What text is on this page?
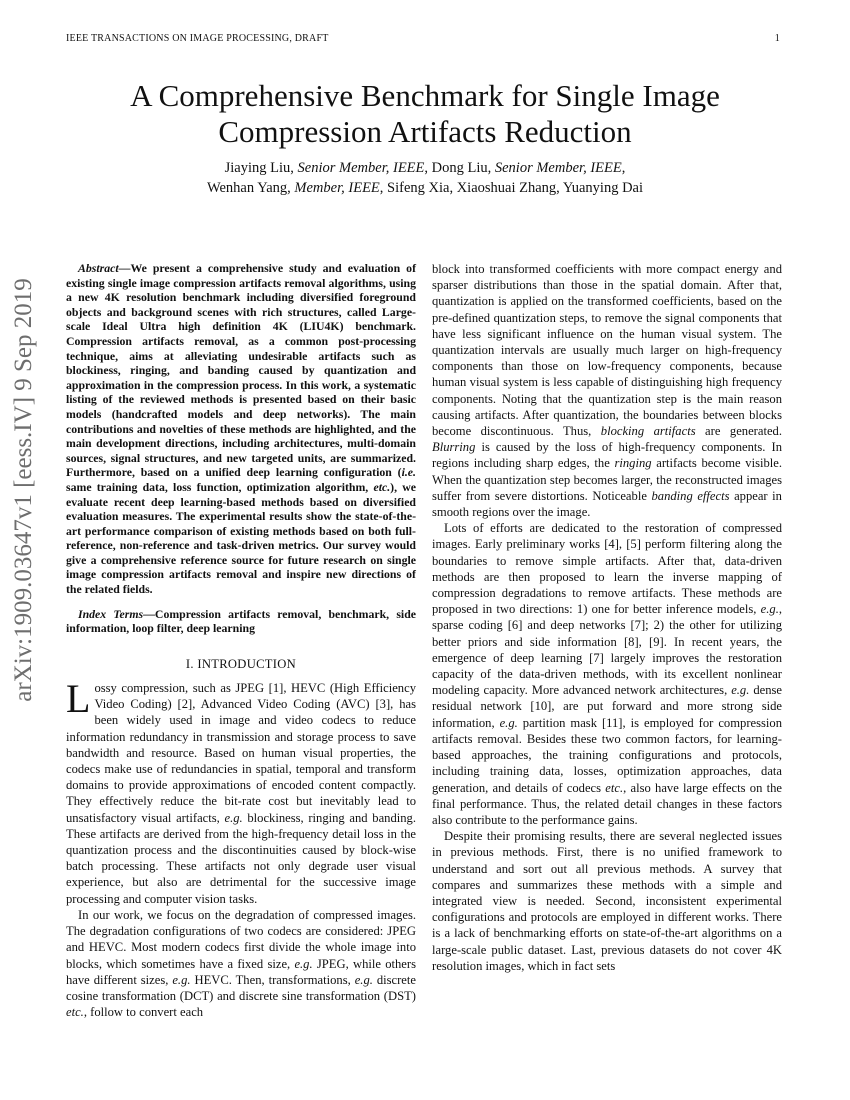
IEEE TRANSACTIONS ON IMAGE PROCESSING, DRAFT	1
A Comprehensive Benchmark for Single Image
Compression Artifacts Reduction
Jiaying Liu, Senior Member, IEEE, Dong Liu, Senior Member, IEEE,
Wenhan Yang, Member, IEEE, Sifeng Xia, Xiaoshuai Zhang, Yuanying Dai
arXiv:1909.03647v1 [eess.IV] 9 Sep 2019

Abstract—We present a comprehensive study and evaluation of existing single image compression artifacts removal algorithms, using a new 4K resolution benchmark including diversified foreground objects and background scenes with rich structures, called Large-scale Ideal Ultra high definition 4K (LIU4K) benchmark. Compression artifacts removal, as a common post-processing technique, aims at alleviating undesirable artifacts such as blockiness, ringing, and banding caused by quantization and approximation in the compression process. In this work, a systematic listing of the reviewed methods is presented based on their basic models (handcrafted models and deep networks). The main contributions and novelties of these methods are highlighted, and the main development directions, including architectures, multi-domain sources, signal structures, and new targeted units, are summarized. Furthermore, based on a unified deep learning configuration (i.e. same training data, loss function, optimization algorithm, etc.), we evaluate recent deep learning-based methods based on diversified evaluation measures. The experimental results show the state-of-the-art performance comparison of existing methods based on both full-reference, non-reference and task-driven metrics. Our survey would give a comprehensive reference source for future research on single image compression artifacts removal and inspire new directions of the related fields.

Index Terms—Compression artifacts removal, benchmark, side information, loop filter, deep learning

I. INTRODUCTION

Lossy compression, such as JPEG [1], HEVC (High Efficiency Video Coding) [2], Advanced Video Coding (AVC) [3], has been widely used in image and video codecs to reduce information redundancy in transmission and storage process to save bandwidth and resource. Based on human visual properties, the codecs make use of redundancies in spatial, temporal and transform domains to provide approximations of encoded content compactly. They effectively reduce the bit-rate cost but inevitably lead to unsatisfactory visual artifacts, e.g. blockiness, ringing and banding. These artifacts are derived from the high-frequency detail loss in the quantization process and the discontinuities caused by block-wise batch processing. These artifacts not only degrade user visual experience, but also are detrimental for the successive image processing and computer vision tasks.

In our work, we focus on the degradation of compressed images. The degradation configurations of two codecs are considered: JPEG and HEVC. Most modern codecs first divide the whole image into blocks, which sometimes have a fixed size, e.g. JPEG, while others have different sizes, e.g. HEVC. Then, transformations, e.g. discrete cosine transformation (DCT) and discrete sine transformation (DST) etc., follow to convert each

block into transformed coefficients with more compact energy and sparser distributions than those in the spatial domain. After that, quantization is applied on the transformed coefficients, based on the pre-defined quantization steps, to remove the signal components that have less significant influence on the human visual system. The quantization intervals are usually much larger on high-frequency components than those on low-frequency components, because human visual system is less capable of distinguishing high frequency components. Noting that the quantization step is the main reason causing artifacts. After quantization, the boundaries between blocks become discontinuous. Thus, blocking artifacts are generated. Blurring is caused by the loss of high-frequency components. In regions including sharp edges, the ringing artifacts become visible. When the quantization step becomes larger, the reconstructed images suffer from severe distortions. Noticeable banding effects appear in smooth regions over the image.

Lots of efforts are dedicated to the restoration of compressed images. Early preliminary works [4], [5] perform filtering along the boundaries to remove simple artifacts. After that, data-driven methods are then proposed to learn the inverse mapping of compression degradations to remove artifacts. These methods are proposed in two directions: 1) one for better inference models, e.g., sparse coding [6] and deep networks [7]; 2) the other for utilizing better priors and side information [8], [9]. In recent years, the emergence of deep learning [7] largely improves the restoration capacity of the data-driven methods, with its excellent nonlinear modeling capacity. More advanced network architectures, e.g. dense residual network [10], are put forward and more strong side information, e.g. partition mask [11], is employed for compression artifacts removal. Besides these two common factors, for learning-based approaches, the training configurations and protocols, including training data, losses, optimization approaches, data generation, and details of codecs etc., also have large effects on the final performance. Thus, the related detail changes in these factors also contribute to the performance gains.

Despite their promising results, there are several neglected issues in previous methods. First, there is no unified framework to understand and sort out all previous methods. A survey that compares and summarizes these methods with a simple and integrated view is needed. Second, inconsistent experimental configurations and protocols are employed in different works. There is a lack of benchmarking efforts on state-of-the-art algorithms on a large-scale public dataset. Last, previous datasets do not cover 4K resolution images, which in fact sets
